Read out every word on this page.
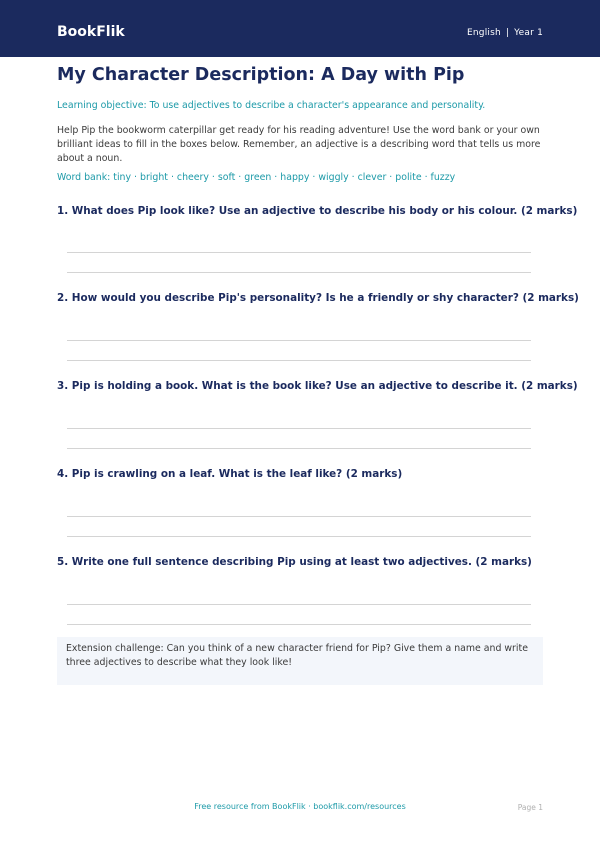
BookFlik	English | Year 1
My Character Description: A Day with Pip
Learning objective: To use adjectives to describe a character's appearance and personality.
Help Pip the bookworm caterpillar get ready for his reading adventure! Use the word bank or your own brilliant ideas to fill in the boxes below. Remember, an adjective is a describing word that tells us more about a noun.
Word bank: tiny · bright · cheery · soft · green · happy · wiggly · clever · polite · fuzzy
1. What does Pip look like? Use an adjective to describe his body or his colour. (2 marks)
2. How would you describe Pip's personality? Is he a friendly or shy character? (2 marks)
3. Pip is holding a book. What is the book like? Use an adjective to describe it. (2 marks)
4. Pip is crawling on a leaf. What is the leaf like? (2 marks)
5. Write one full sentence describing Pip using at least two adjectives. (2 marks)
Extension challenge: Can you think of a new character friend for Pip? Give them a name and write three adjectives to describe what they look like!
Free resource from BookFlik · bookflik.com/resources	Page 1
